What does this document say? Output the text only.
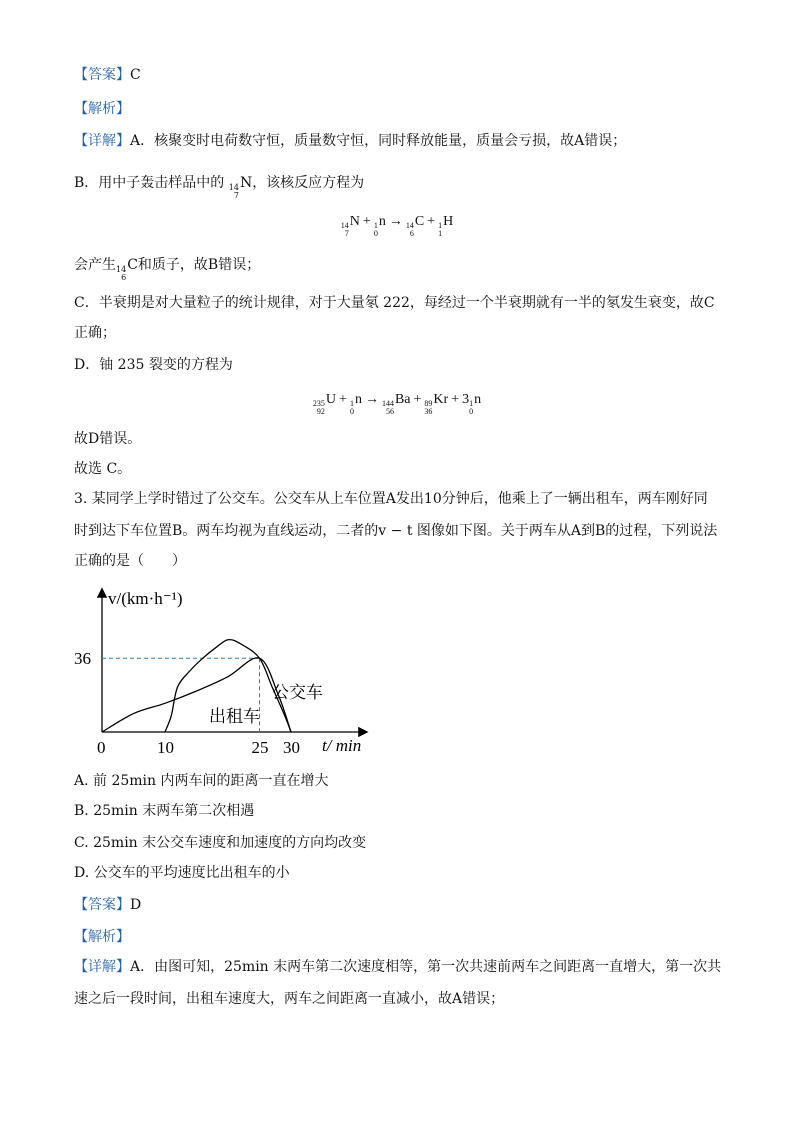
【答案】C
【解析】
【详解】A．核聚变时电荷数守恒，质量数守恒，同时释放能量，质量会亏损，故A错误；
B．用中子轰击样品中的 14
7
N，该核反应方程为
14
7
N + 1
0
n → 14
6
C + 1
1
H
会产生 14
6
C和质子，故B错误；
C．半衰期是对大量粒子的统计规律，对于大量氡 222，每经过一个半衰期就有一半的氡发生衰变，故C
正确；
D．铀 235 裂变的方程为
235
92
U + 1
0
n → 144
56
Ba + 89
36
Kr + 3 1
0
n
故D错误。
故选 C。
3. 某同学上学时错过了公交车。公交车从上车位置A发出10分钟后，他乘上了一辆出租车，两车刚好同
时到达下车位置B。两车均视为直线运动，二者的v − t 图像如下图。关于两车从A到B的过程，下列说法
正确的是（　　）
v/(km·h⁻¹)
t/ min
0	10	25 30
36
公交车
出租车
A. 前 25min 内两车间的距离一直在增大
B. 25min 末两车第二次相遇
C. 25min 末公交车速度和加速度的方向均改变
D. 公交车的平均速度比出租车的小
【答案】D
【解析】
【详解】A．由图可知，25min 末两车第二次速度相等，第一次共速前两车之间距离一直增大，第一次共
速之后一段时间，出租车速度大，两车之间距离一直减小，故A错误；
